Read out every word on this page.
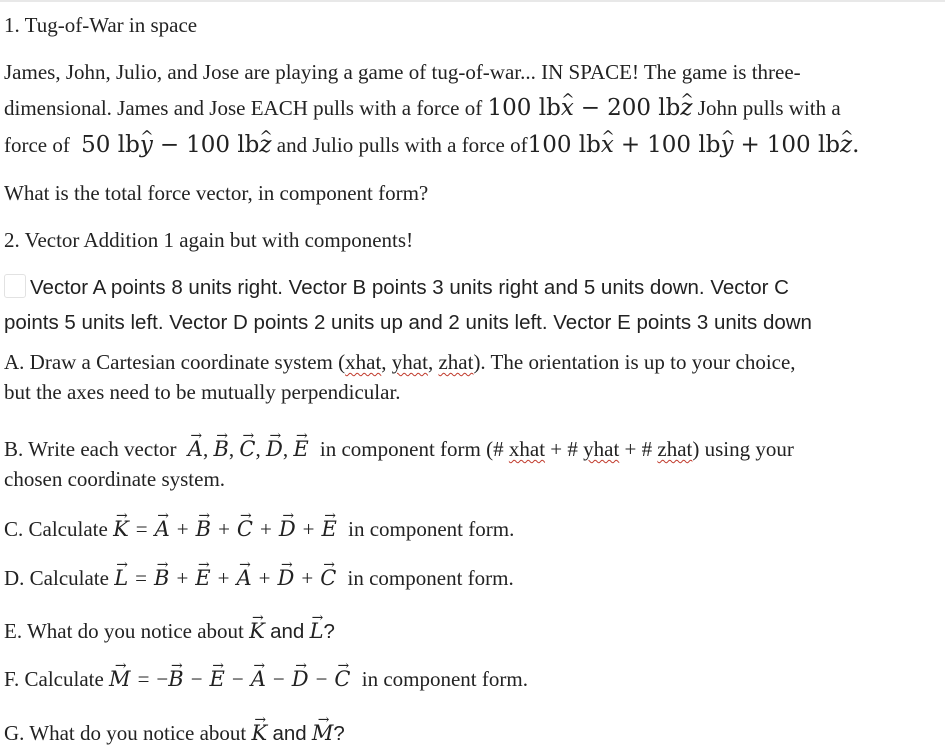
1. Tug-of-War in space
James, John, Julio, and Jose are playing a game of tug-of-war... IN SPACE! The game is three-
dimensional. James and Jose EACH pulls with a force of 100 lb^ x − 200 lb^ z John pulls with a
force of 50 lb^ y − 100 lb^ z and Julio pulls with a force of100 lb^ x + 100 lb^ y + 100 lb^ z.
What is the total force vector, in component form?
2. Vector Addition 1 again but with components!
Vector A points 8 units right. Vector B points 3 units right and 5 units down. Vector C
points 5 units left. Vector D points 2 units up and 2 units left. Vector E points 3 units down
A. Draw a Cartesian coordinate system (xhat, yhat, zhat). The orientation is up to your choice,
but the axes need to be mutually perpendicular.
B. Write each vector → A, → B, → C, → D, → E in component form (# xhat + # yhat + # zhat) using your
chosen coordinate system.
C. Calculate → K = → A + → B + → C + → D + → E in component form.
D. Calculate → L = → B + → E + → A + → D + → C in component form.
E. What do you notice about → K and → L?
F. Calculate → M = −→ B − → E − → A − → D − → C in component form.
G. What do you notice about → K and → M?
